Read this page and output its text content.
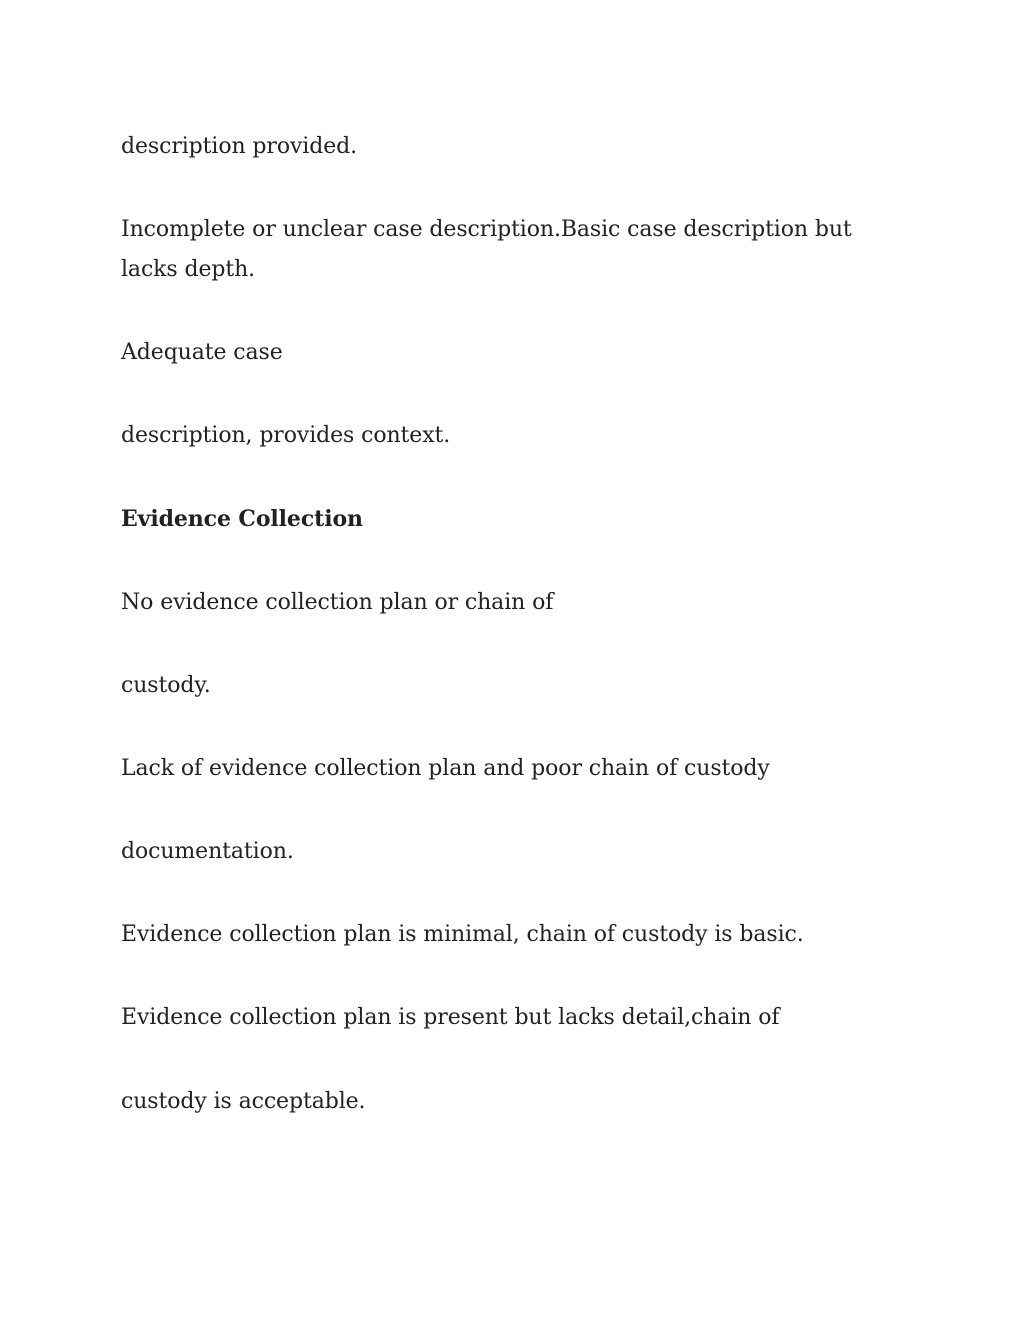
description provided.

Incomplete or unclear case description.Basic case description but lacks depth.

Adequate case

description, provides context.

Evidence Collection

No evidence collection plan or chain of

custody.

Lack of evidence collection plan and poor chain of custody

documentation.

Evidence collection plan is minimal, chain of custody is basic.

Evidence collection plan is present but lacks detail,chain of

custody is acceptable.
